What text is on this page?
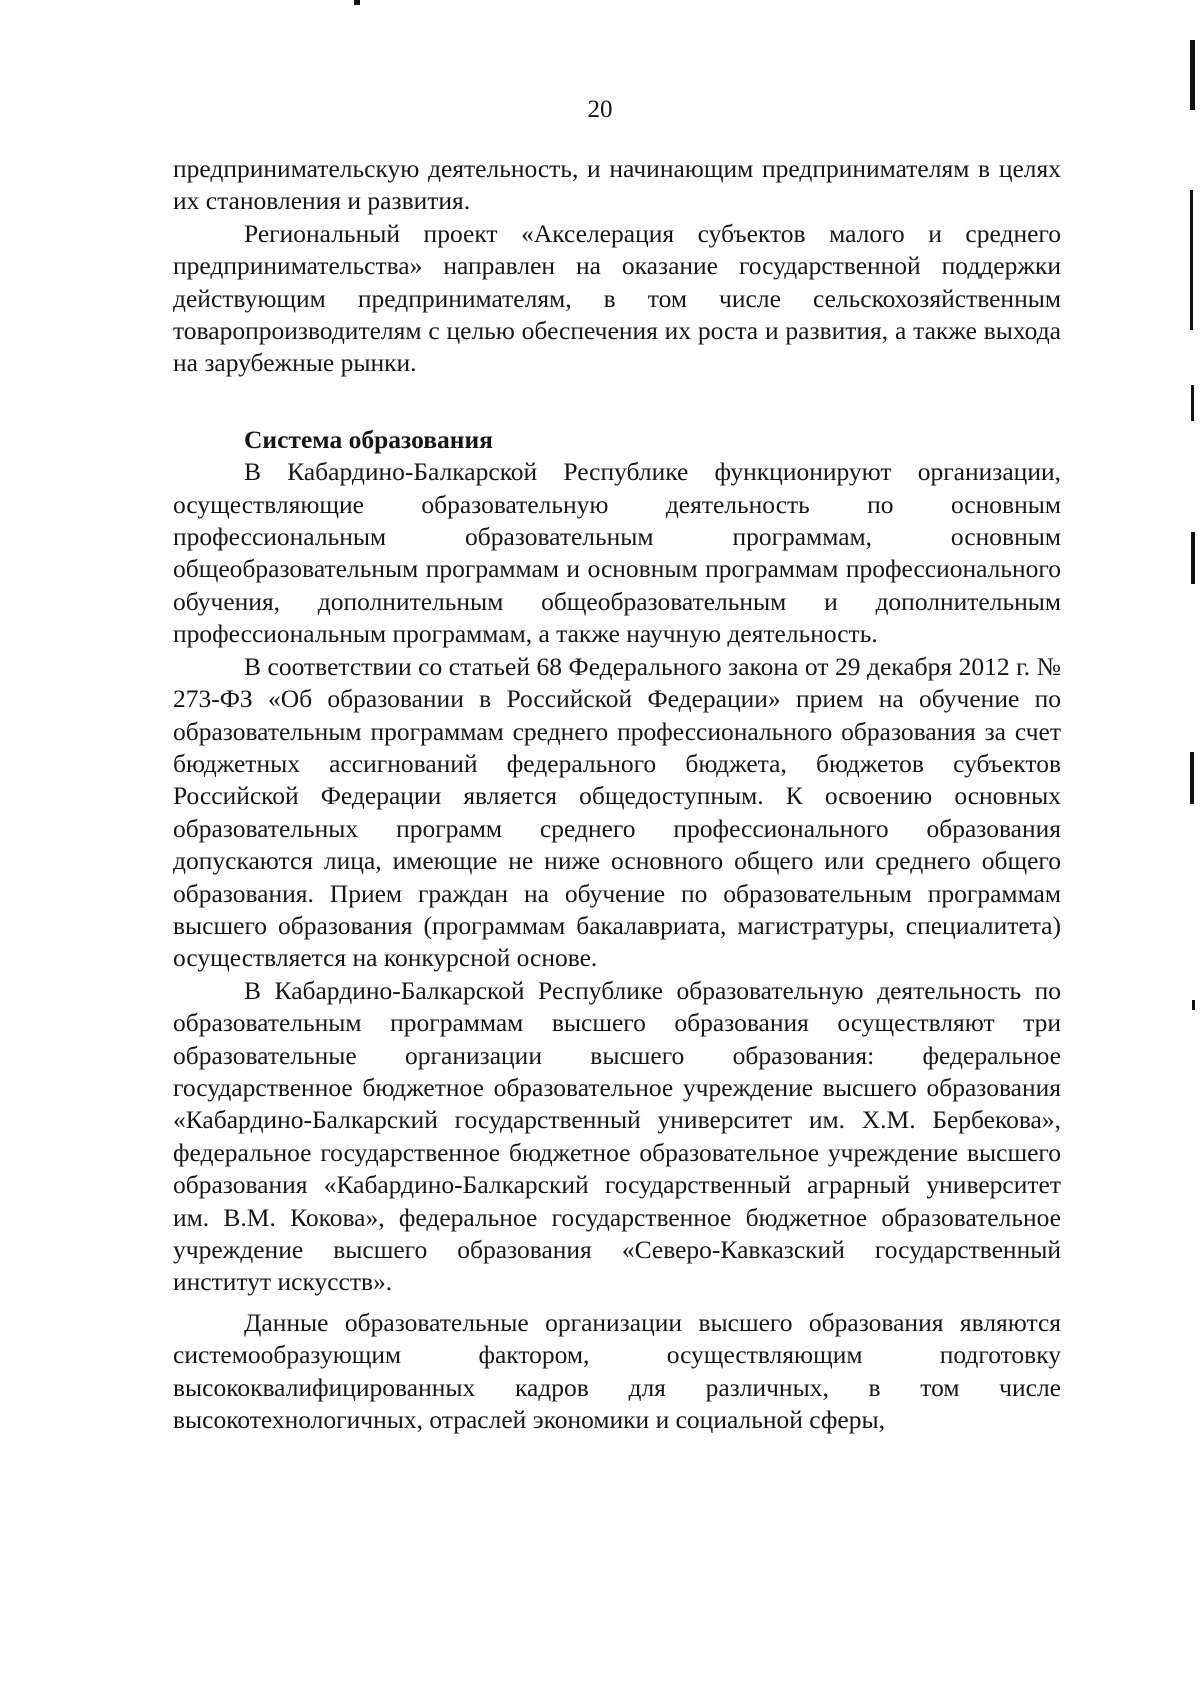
20

предпринимательскую деятельность, и начинающим предпринимателям в целях их становления и развития.

Региональный проект «Акселерация субъектов малого и среднего предпринимательства» направлен на оказание государственной поддержки действующим предпринимателям, в том числе сельскохозяйственным товаропроизводителям с целью обеспечения их роста и развития, а также выхода на зарубежные рынки.

Система образования

В Кабардино-Балкарской Республике функционируют организации, осуществляющие образовательную деятельность по основным профессиональным образовательным программам, основным общеобразовательным программам и основным программам профессионального обучения, дополнительным общеобразовательным и дополнительным профессиональным программам, а также научную деятельность.

В соответствии со статьей 68 Федерального закона от 29 декабря 2012 г. № 273-ФЗ «Об образовании в Российской Федерации» прием на обучение по образовательным программам среднего профессионального образования за счет бюджетных ассигнований федерального бюджета, бюджетов субъектов Российской Федерации является общедоступным. К освоению основных образовательных программ среднего профессионального образования допускаются лица, имеющие не ниже основного общего или среднего общего образования. Прием граждан на обучение по образовательным программам высшего образования (программам бакалавриата, магистратуры, специалитета) осуществляется на конкурсной основе.

В Кабардино-Балкарской Республике образовательную деятельность по образовательным программам высшего образования осуществляют три образовательные организации высшего образования: федеральное государственное бюджетное образовательное учреждение высшего образования «Кабардино-Балкарский государственный университет им. Х.М. Бербекова», федеральное государственное бюджетное образовательное учреждение высшего образования «Кабардино-Балкарский государственный аграрный университет им. В.М. Кокова», федеральное государственное бюджетное образовательное учреждение высшего образования «Северо-Кавказский государственный институт искусств».

Данные образовательные организации высшего образования являются системообразующим фактором, осуществляющим подготовку высококвалифицированных кадров для различных, в том числе высокотехнологичных, отраслей экономики и социальной сферы,
